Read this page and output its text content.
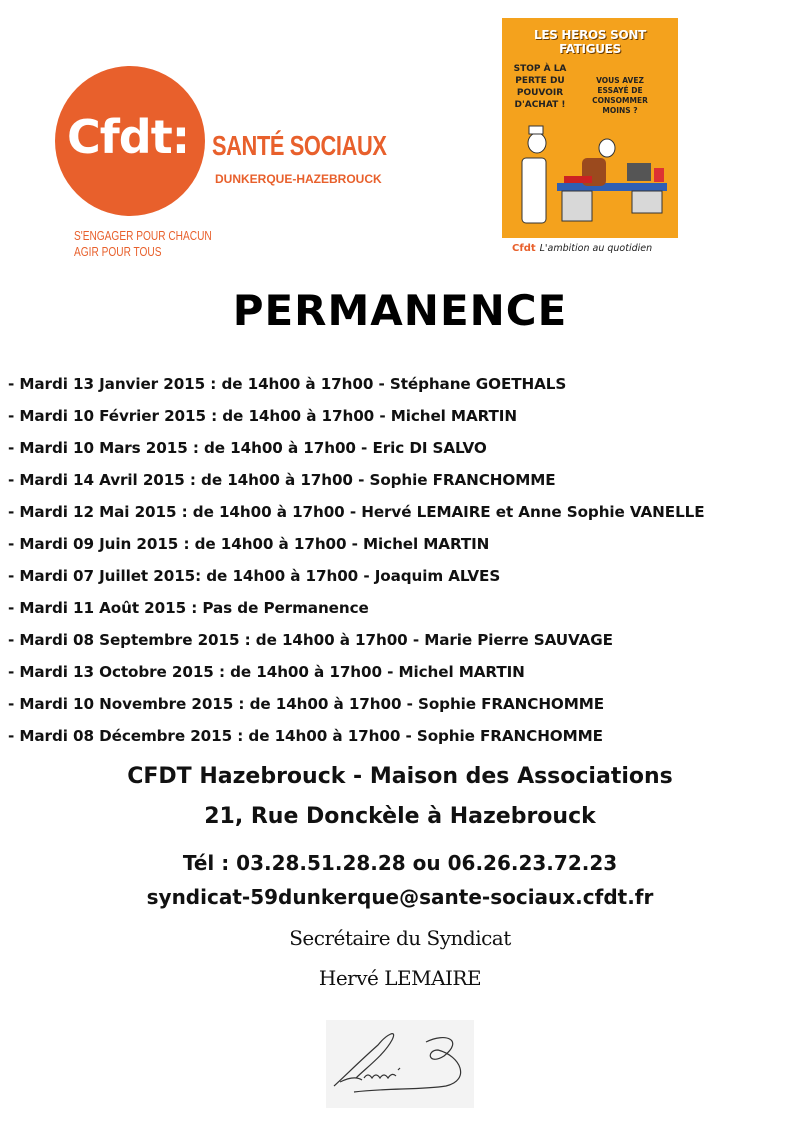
Cfdt: SANTÉ SOCIAUX
DUNKERQUE-HAZEBROUCK
S'ENGAGER POUR CHACUN
AGIR POUR TOUS
LES HEROS SONT FATIGUES
STOP À LA PERTE DU POUVOIR D'ACHAT !
VOUS AVEZ ESSAYÉ DE CONSOMMER MOINS ?
Cfdt L'ambition au quotidien
PERMANENCE
- Mardi 13 Janvier 2015 : de 14h00 à 17h00 - Stéphane GOETHALS
- Mardi 10 Février 2015 : de 14h00 à 17h00 - Michel MARTIN
- Mardi 10 Mars 2015 : de 14h00 à 17h00 - Eric DI SALVO
- Mardi 14 Avril 2015 : de 14h00 à 17h00 - Sophie FRANCHOMME
- Mardi 12 Mai 2015 : de 14h00 à 17h00 - Hervé LEMAIRE et Anne Sophie VANELLE
- Mardi 09 Juin 2015 : de 14h00 à 17h00 - Michel MARTIN
- Mardi 07 Juillet 2015: de 14h00 à 17h00 - Joaquim ALVES
- Mardi 11 Août 2015 : Pas de Permanence
- Mardi 08 Septembre 2015 : de 14h00 à 17h00 - Marie Pierre SAUVAGE
- Mardi 13 Octobre 2015 : de 14h00 à 17h00 - Michel MARTIN
- Mardi 10 Novembre 2015 : de 14h00 à 17h00 - Sophie FRANCHOMME
- Mardi 08 Décembre 2015 : de 14h00 à 17h00 - Sophie FRANCHOMME
CFDT Hazebrouck - Maison des Associations
21, Rue Donckèle à Hazebrouck
Tél : 03.28.51.28.28 ou 06.26.23.72.23
syndicat-59dunkerque@sante-sociaux.cfdt.fr
Secrétaire du Syndicat
Hervé LEMAIRE
